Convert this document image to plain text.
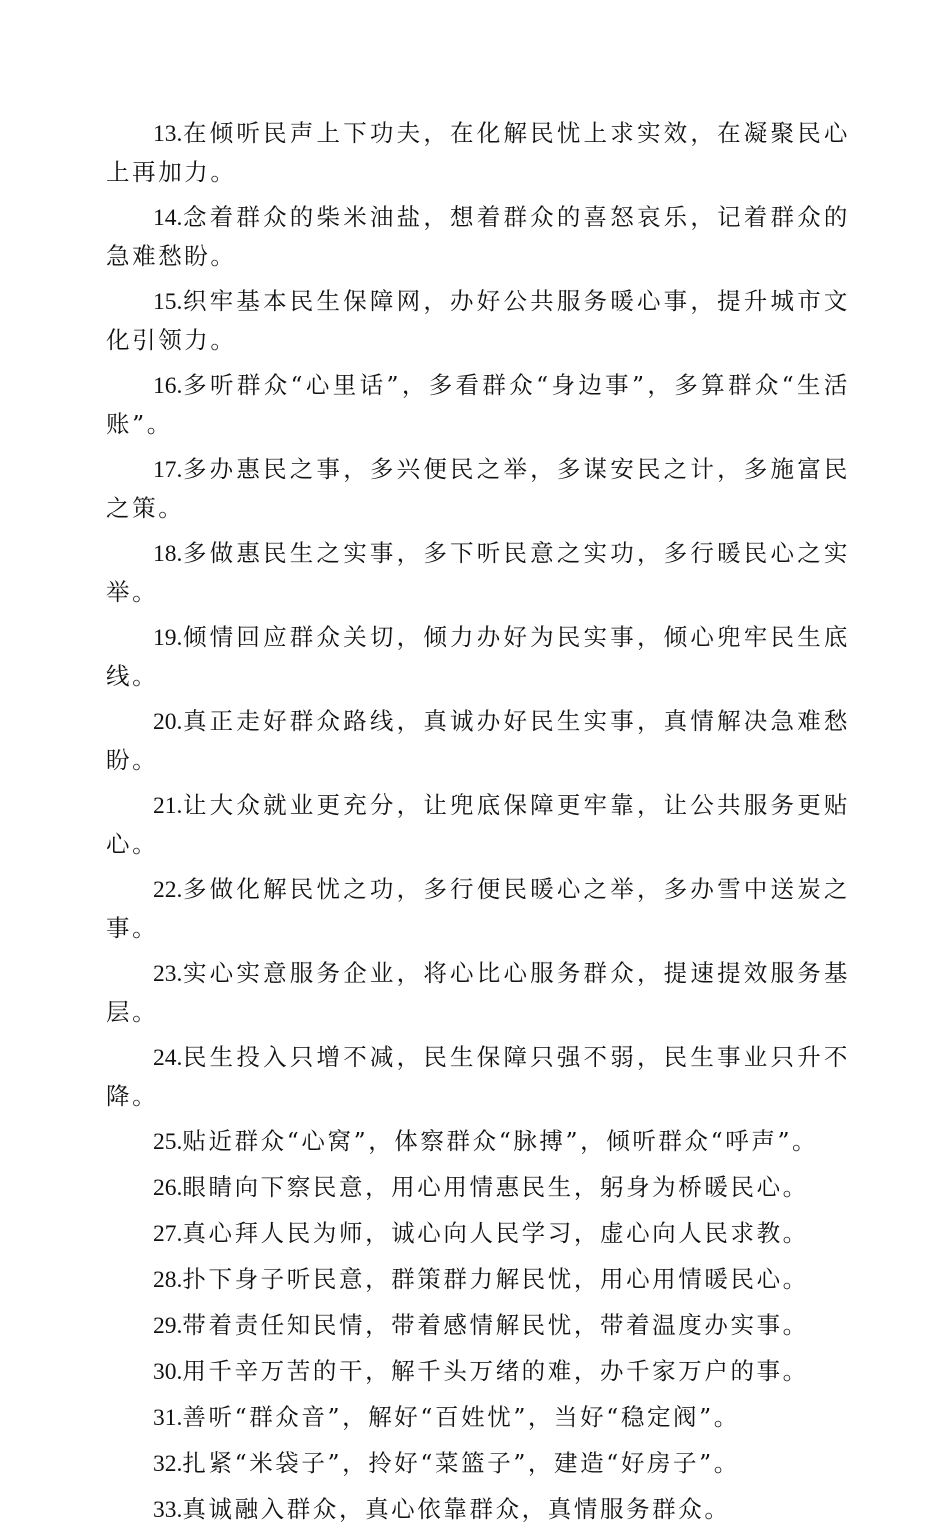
13.在倾听民声上下功夫，在化解民忧上求实效，在凝聚民心上再加力。

14.念着群众的柴米油盐，想着群众的喜怒哀乐，记着群众的急难愁盼。

15.织牢基本民生保障网，办好公共服务暖心事，提升城市文化引领力。

16.多听群众“心里话”，多看群众“身边事”，多算群众“生活账”。

17.多办惠民之事，多兴便民之举，多谋安民之计，多施富民之策。

18.多做惠民生之实事，多下听民意之实功，多行暖民心之实举。

19.倾情回应群众关切，倾力办好为民实事，倾心兜牢民生底线。

20.真正走好群众路线，真诚办好民生实事，真情解决急难愁盼。

21.让大众就业更充分，让兜底保障更牢靠，让公共服务更贴心。

22.多做化解民忧之功，多行便民暖心之举，多办雪中送炭之事。

23.实心实意服务企业，将心比心服务群众，提速提效服务基层。

24.民生投入只增不减，民生保障只强不弱，民生事业只升不降。

25.贴近群众“心窝”，体察群众“脉搏”，倾听群众“呼声”。

26.眼睛向下察民意，用心用情惠民生，躬身为桥暖民心。

27.真心拜人民为师，诚心向人民学习，虚心向人民求教。

28.扑下身子听民意，群策群力解民忧，用心用情暖民心。

29.带着责任知民情，带着感情解民忧，带着温度办实事。

30.用千辛万苦的干，解千头万绪的难，办千家万户的事。

31.善听“群众音”，解好“百姓忧”，当好“稳定阀”。

32.扎紧“米袋子”，拎好“菜篮子”，建造“好房子”。

33.真诚融入群众，真心依靠群众，真情服务群众。
